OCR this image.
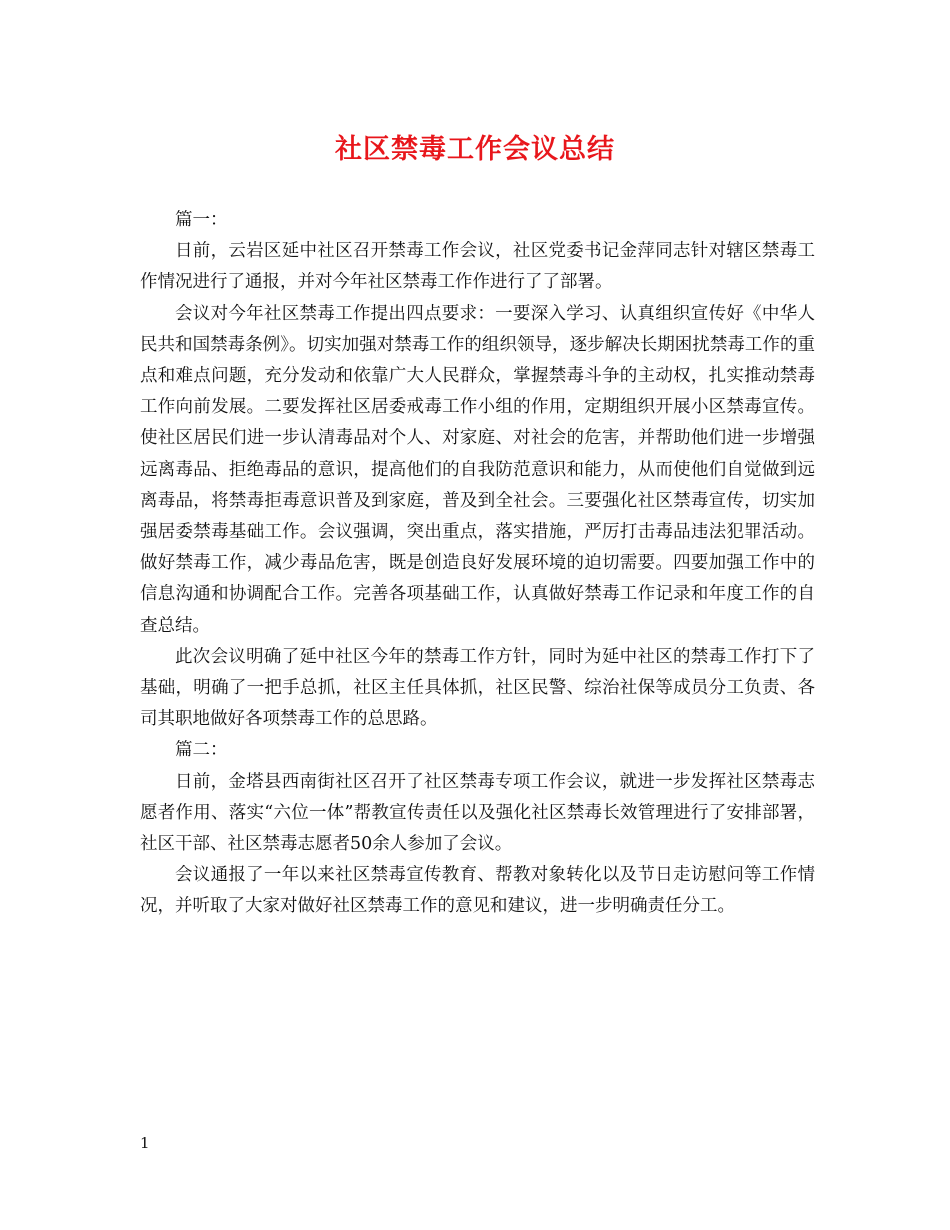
社区禁毒工作会议总结

篇一：

日前，云岩区延中社区召开禁毒工作会议，社区党委书记金萍同志针对辖区禁毒工作情况进行了通报，并对今年社区禁毒工作作进行了了部署。

会议对今年社区禁毒工作提出四点要求：一要深入学习、认真组织宣传好《中华人民共和国禁毒条例》。切实加强对禁毒工作的组织领导，逐步解决长期困扰禁毒工作的重点和难点问题，充分发动和依靠广大人民群众，掌握禁毒斗争的主动权，扎实推动禁毒工作向前发展。二要发挥社区居委戒毒工作小组的作用，定期组织开展小区禁毒宣传。使社区居民们进一步认清毒品对个人、对家庭、对社会的危害，并帮助他们进一步增强远离毒品、拒绝毒品的意识，提高他们的自我防范意识和能力，从而使他们自觉做到远离毒品，将禁毒拒毒意识普及到家庭，普及到全社会。三要强化社区禁毒宣传，切实加强居委禁毒基础工作。会议强调，突出重点，落实措施，严厉打击毒品违法犯罪活动。做好禁毒工作，减少毒品危害，既是创造良好发展环境的迫切需要。四要加强工作中的信息沟通和协调配合工作。完善各项基础工作，认真做好禁毒工作记录和年度工作的自查总结。

此次会议明确了延中社区今年的禁毒工作方针，同时为延中社区的禁毒工作打下了基础，明确了一把手总抓，社区主任具体抓，社区民警、综治社保等成员分工负责、各司其职地做好各项禁毒工作的总思路。

篇二：

日前，金塔县西南街社区召开了社区禁毒专项工作会议，就进一步发挥社区禁毒志愿者作用、落实“六位一体”帮教宣传责任以及强化社区禁毒长效管理进行了安排部署，社区干部、社区禁毒志愿者50余人参加了会议。

会议通报了一年以来社区禁毒宣传教育、帮教对象转化以及节日走访慰问等工作情况，并听取了大家对做好社区禁毒工作的意见和建议，进一步明确责任分工。

1
